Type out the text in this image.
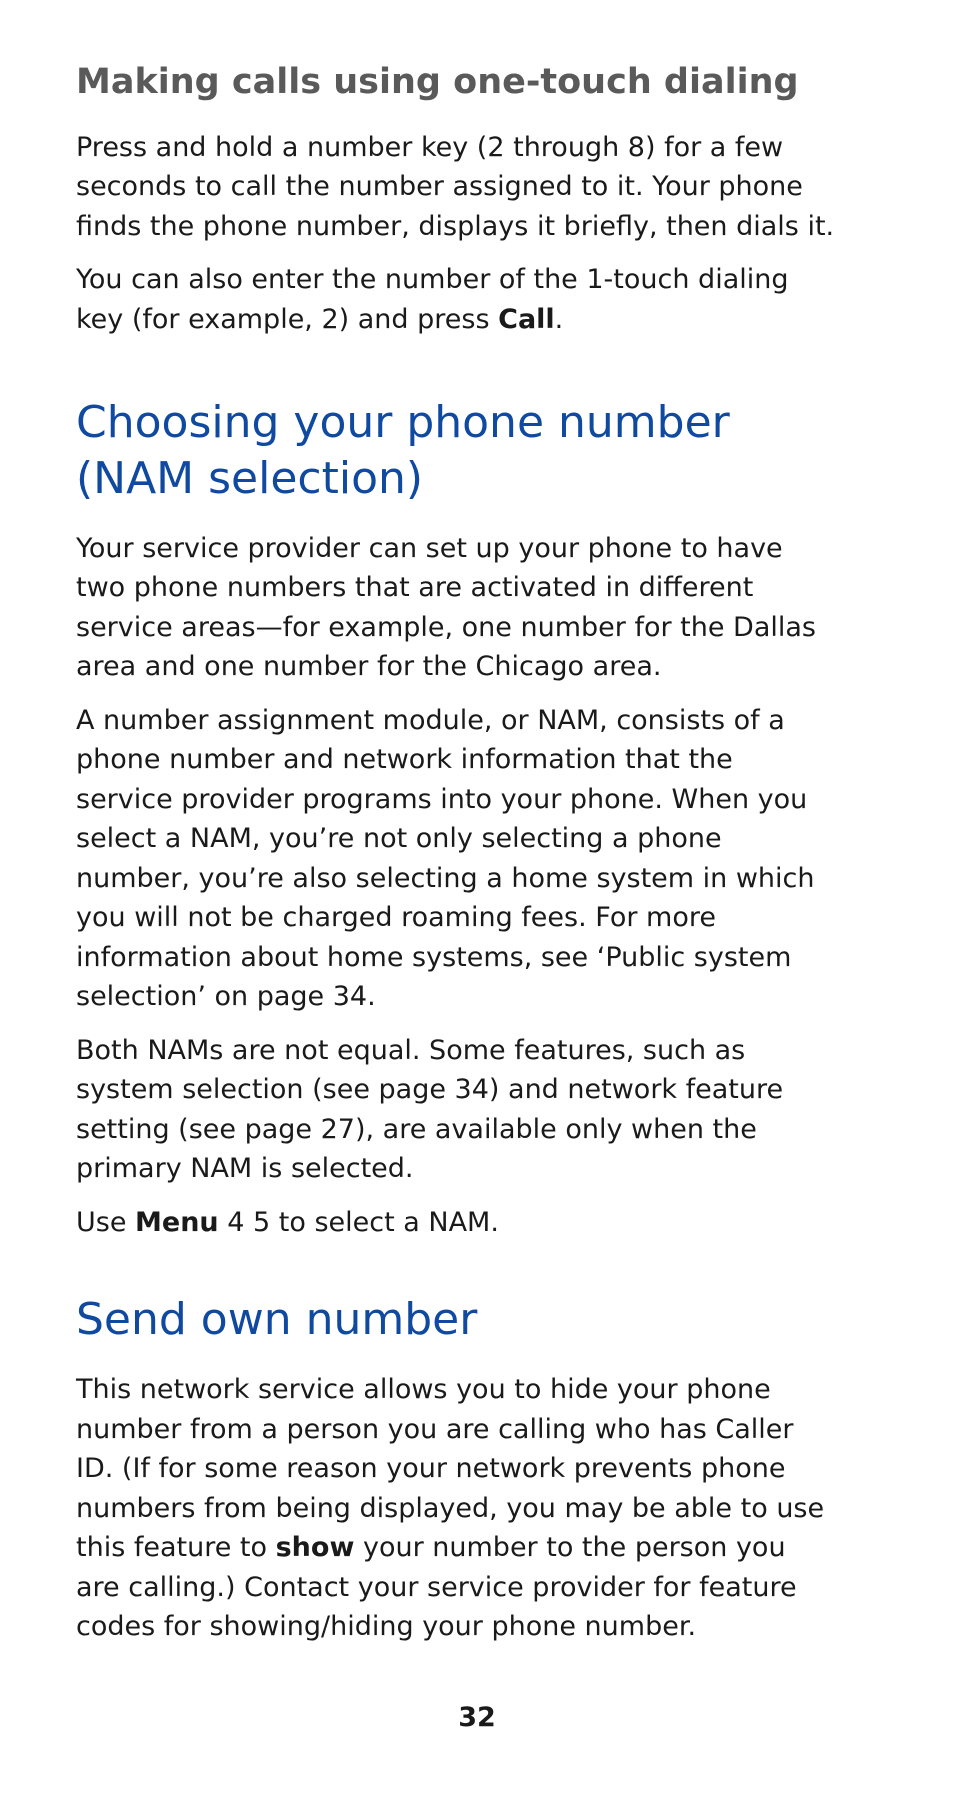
Making calls using one-touch dialing

Press and hold a number key (2 through 8) for a few seconds to call the number assigned to it. Your phone finds the phone number, displays it briefly, then dials it.

You can also enter the number of the 1-touch dialing key (for example, 2) and press Call.

Choosing your phone number (NAM selection)

Your service provider can set up your phone to have two phone numbers that are activated in different service areas—for example, one number for the Dallas area and one number for the Chicago area.

A number assignment module, or NAM, consists of a phone number and network information that the service provider programs into your phone. When you select a NAM, you’re not only selecting a phone number, you’re also selecting a home system in which you will not be charged roaming fees. For more information about home systems, see ‘Public system selection’ on page 34.

Both NAMs are not equal. Some features, such as system selection (see page 34) and network feature setting (see page 27), are available only when the primary NAM is selected.

Use Menu 4 5 to select a NAM.

Send own number

This network service allows you to hide your phone number from a person you are calling who has Caller ID. (If for some reason your network prevents phone numbers from being displayed, you may be able to use this feature to show your number to the person you are calling.) Contact your service provider for feature codes for showing/hiding your phone number.

32
